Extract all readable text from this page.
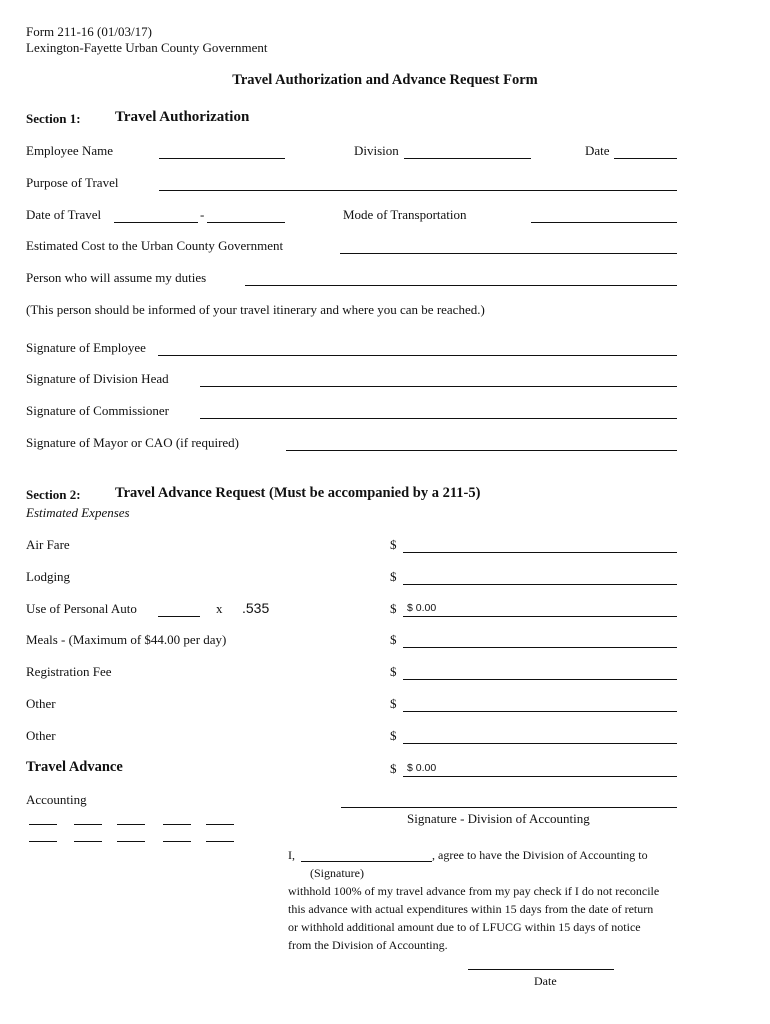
Form 211-16 (01/03/17)
Lexington-Fayette Urban County Government
Travel Authorization and Advance Request Form
Section 1: Travel Authorization
Employee Name	Division	Date
Purpose of Travel
Date of Travel	-	Mode of Transportation
Estimated Cost to the Urban County Government
Person who will assume my duties
(This person should be informed of your travel itinerary and where you can be reached.)
Signature of Employee
Signature of Division Head
Signature of Commissioner
Signature of Mayor or CAO (if required)
Section 2: Travel Advance Request (Must be accompanied by a 211-5)
Estimated Expenses
Air Fare	$
Lodging	$
Use of Personal Auto	x .535	$ $ 0.00
Meals - (Maximum of $44.00 per day)	$
Registration Fee	$
Other	$
Other	$
Travel Advance	$ $ 0.00
Accounting
Signature - Division of Accounting
I,	, agree to have the Division of Accounting to
(Signature)
withhold 100% of my travel advance from my pay check if I do not reconcile
this advance with actual expenditures within 15 days from the date of return
or withhold additional amount due to of LFUCG within 15 days of notice
from the Division of Accounting.
Date
